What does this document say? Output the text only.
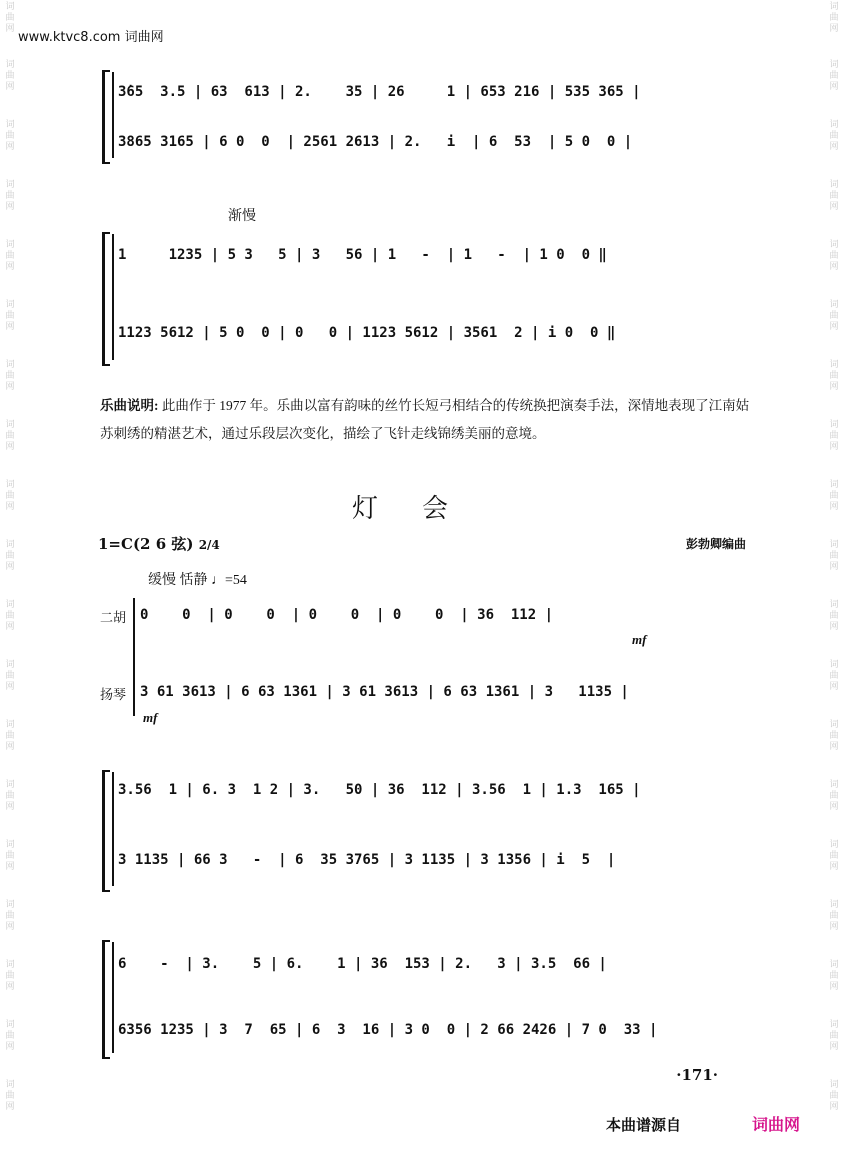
词曲网
词曲网
词曲网
词曲网
词曲网
词曲网
词曲网
词曲网
词曲网
词曲网
词曲网
词曲网
词曲网
词曲网
词曲网
词曲网
词曲网
词曲网
词曲网
词曲网
词曲网
词曲网
词曲网
词曲网
词曲网
词曲网
词曲网
词曲网
词曲网
词曲网
词曲网
词曲网
词曲网
词曲网
词曲网
词曲网
词曲网
词曲网
www.ktvc8.com 词曲网
3̇65  3.5 | 63  613 | 2.    35 | 26     1 | 653 216 | 535 365 |
3865 3165 | 6 0  0  | 2561 2613 | 2.   i  | 6  53  | 5 0  0 |
渐慢
1     1235 | 5 3   5 | 3   56 | 1   -  | 1   -  | 1 0  0 ‖
1123 5612 | 5 0  0 | 0   0 | 1123 5612 | 3561  2 | i 0  0 ‖
乐曲说明: 此曲作于 1977 年。乐曲以富有韵味的丝竹长短弓相结合的传统换把演奏手法，深情地表现了江南姑苏刺绣的精湛艺术，通过乐段层次变化，描绘了飞针走线锦绣美丽的意境。
灯会
1=C(2 6 弦) 2/4	彭勃卿编曲
缓慢 恬静 ♩=54
二胡
扬琴
0    0  | 0    0  | 0    0  | 0    0  | 36  112 |
3 61 3613 | 6 63 1361 | 3 61 3613 | 6 63 1361 | 3   1135 |
mf
mf
3.56  1 | 6. 3  1 2 | 3.   50 | 36  112 | 3.56  1 | 1.3  165 |
3 1135 | 66 3   -  | 6  35 3765 | 3 1135 | 3 1356 | i  5  |
6    -  | 3.    5 | 6.    1 | 36  153 | 2.   3 | 3.5  66 |
6356 1235 | 3  7  65 | 6  3  16 | 3 0  0 | 2 66 2426 | 7 0  33 |
·171·
本曲谱源自	词曲网
